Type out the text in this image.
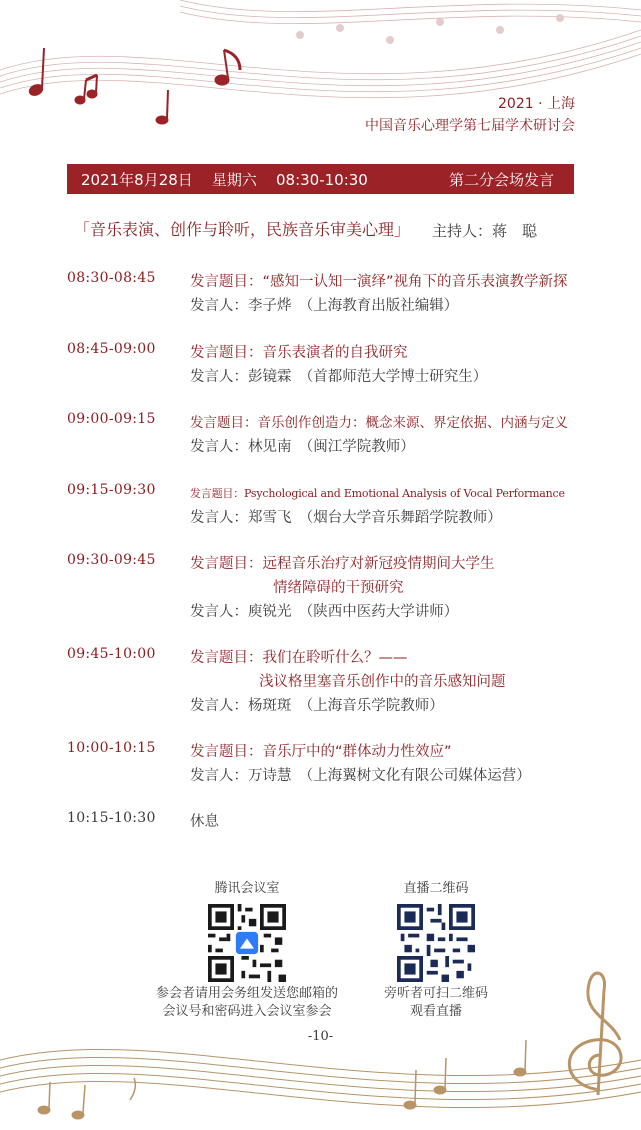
2021 · 上海
中国音乐心理学第七届学术研讨会
2021年8月28日 星期六 08:30-10:30	第二分会场发言
「音乐表演、创作与聆听，民族音乐审美心理」 主持人：蒋　聪
08:30-08:45 发言题目：“感知一认知一演绎”视角下的音乐表演教学新探
发言人：李子烨　（上海教育出版社编辑）
08:45-09:00 发言题目：音乐表演者的自我研究
发言人：彭镜霖　（首都师范大学博士研究生）
09:00-09:15	发言题目：音乐创作创造力：概念来源、界定依据、内涵与定义
发言人：林见南　（闽江学院教师）
09:15-09:30	发言题目：Psychological and Emotional Analysis of Vocal Performance
发言人：郑雪飞　（烟台大学音乐舞蹈学院教师）
09:30-09:45 发言题目：远程音乐治疗对新冠疫情期间大学生
情绪障碍的干预研究
发言人：庾锐光　（陕西中医药大学讲师）
09:45-10:00 发言题目：我们在聆听什么？——
浅议格里塞音乐创作中的音乐感知问题
发言人：杨斑斑　（上海音乐学院教师）
10:00-10:15 发言题目：音乐厅中的“群体动力性效应”
发言人：万诗慧　（上海翼树文化有限公司媒体运营）
10:15-10:30 休息
腾讯会议室
参会者请用会务组发送您邮箱的
会议号和密码进入会议室参会
直播二维码
旁听者可扫二维码
观看直播
-10-
